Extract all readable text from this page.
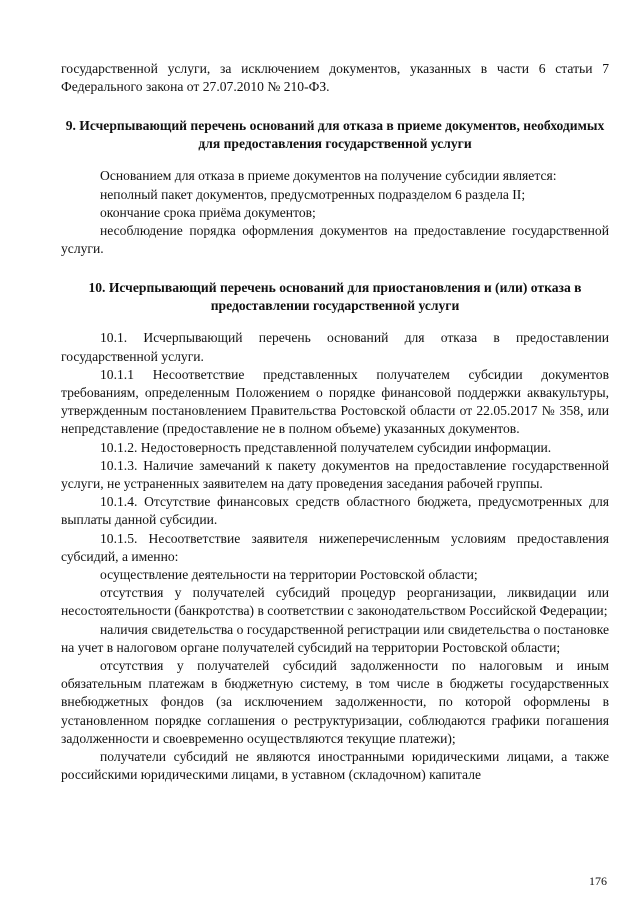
государственной услуги, за исключением документов, указанных в части 6 статьи 7 Федерального закона от 27.07.2010 № 210-ФЗ.

9. Исчерпывающий перечень оснований для отказа в приеме документов, необходимых для предоставления государственной услуги

Основанием для отказа в приеме документов на получение субсидии является:

неполный пакет документов, предусмотренных подразделом 6 раздела II;

окончание срока приёма документов;

несоблюдение порядка оформления документов на предоставление государственной услуги.

10. Исчерпывающий перечень оснований для приостановления и (или) отказа в предоставлении государственной услуги

10.1. Исчерпывающий перечень оснований для отказа в предоставлении государственной услуги.

10.1.1 Несоответствие представленных получателем субсидии документов требованиям, определенным Положением о порядке финансовой поддержки аквакультуры, утвержденным постановлением Правительства Ростовской области от 22.05.2017 № 358, или непредставление (предоставление не в полном объеме) указанных документов.

10.1.2. Недостоверность представленной получателем субсидии информации.

10.1.3. Наличие замечаний к пакету документов на предоставление государственной услуги, не устраненных заявителем на дату проведения заседания рабочей группы.

10.1.4. Отсутствие финансовых средств областного бюджета, предусмотренных для выплаты данной субсидии.

10.1.5. Несоответствие заявителя нижеперечисленным условиям предоставления субсидий, а именно:

осуществление деятельности на территории Ростовской области;

отсутствия у получателей субсидий процедур реорганизации, ликвидации или несостоятельности (банкротства) в соответствии с законодательством Российской Федерации;

наличия свидетельства о государственной регистрации или свидетельства о постановке на учет в налоговом органе получателей субсидий на территории Ростовской области;

отсутствия у получателей субсидий задолженности по налоговым и иным обязательным платежам в бюджетную систему, в том числе в бюджеты государственных внебюджетных фондов (за исключением задолженности, по которой оформлены в установленном порядке соглашения о реструктуризации, соблюдаются графики погашения задолженности и своевременно осуществляются текущие платежи);

получатели субсидий не являются иностранными юридическими лицами, а также российскими юридическими лицами, в уставном (складочном) капитале

176
